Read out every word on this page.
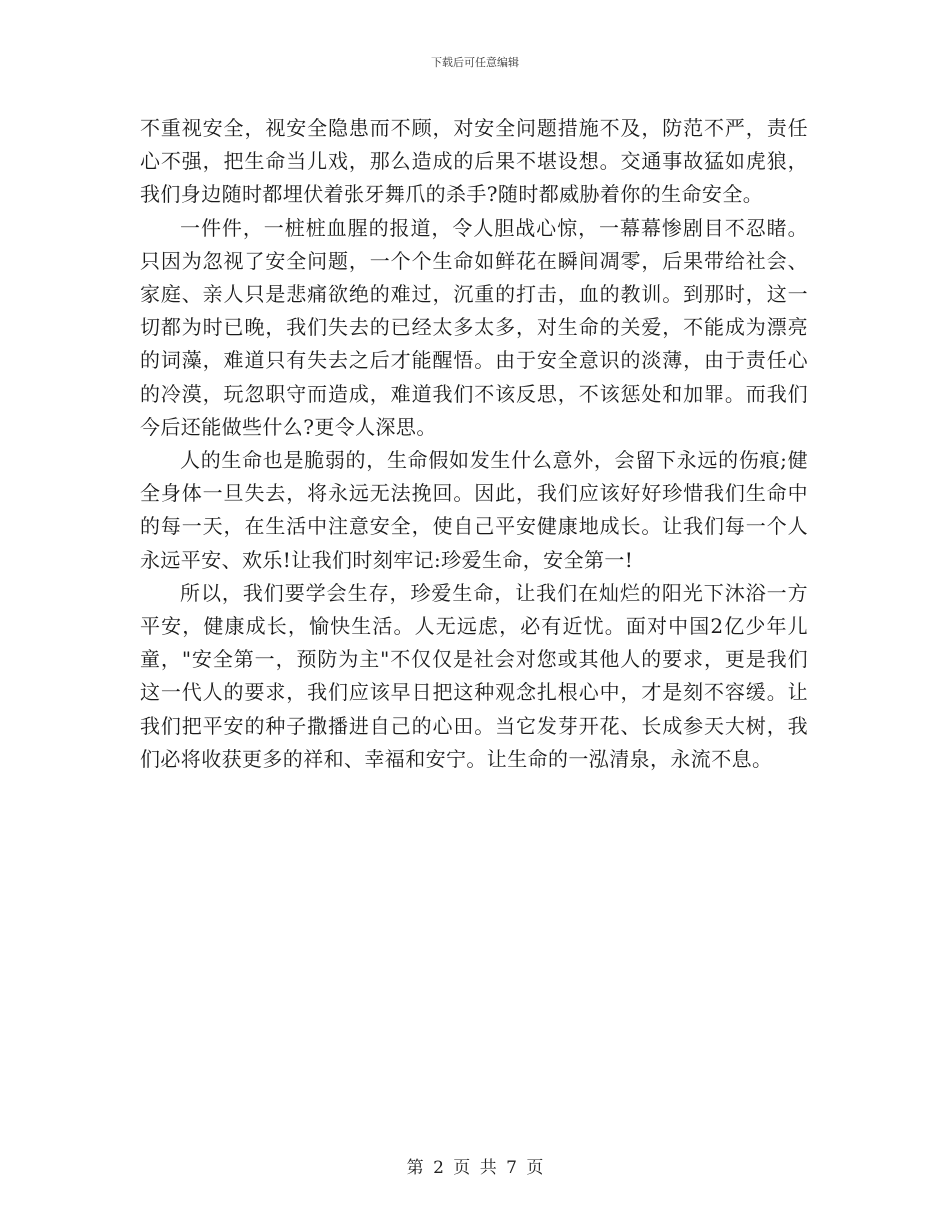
下载后可任意编辑

不重视安全，视安全隐患而不顾，对安全问题措施不及，防范不严，责任心不强，把生命当儿戏，那么造成的后果不堪设想。交通事故猛如虎狼，我们身边随时都埋伏着张牙舞爪的杀手?随时都威胁着你的生命安全。

一件件，一桩桩血腥的报道，令人胆战心惊，一幕幕惨剧目不忍睹。只因为忽视了安全问题，一个个生命如鲜花在瞬间凋零，后果带给社会、家庭、亲人只是悲痛欲绝的难过，沉重的打击，血的教训。到那时，这一切都为时已晚，我们失去的已经太多太多，对生命的关爱，不能成为漂亮的词藻，难道只有失去之后才能醒悟。由于安全意识的淡薄，由于责任心的冷漠，玩忽职守而造成，难道我们不该反思，不该惩处和加罪。而我们今后还能做些什么?更令人深思。

人的生命也是脆弱的，生命假如发生什么意外，会留下永远的伤痕;健全身体一旦失去，将永远无法挽回。因此，我们应该好好珍惜我们生命中的每一天，在生活中注意安全，使自己平安健康地成长。让我们每一个人永远平安、欢乐!让我们时刻牢记:珍爱生命，安全第一!

所以，我们要学会生存，珍爱生命，让我们在灿烂的阳光下沐浴一方平安，健康成长，愉快生活。人无远虑，必有近忧。面对中国2亿少年儿童，"安全第一，预防为主"不仅仅是社会对您或其他人的要求，更是我们这一代人的要求，我们应该早日把这种观念扎根心中，才是刻不容缓。让我们把平安的种子撒播进自己的心田。当它发芽开花、长成参天大树，我们必将收获更多的祥和、幸福和安宁。让生命的一泓清泉，永流不息。

第 2 页 共 7 页
